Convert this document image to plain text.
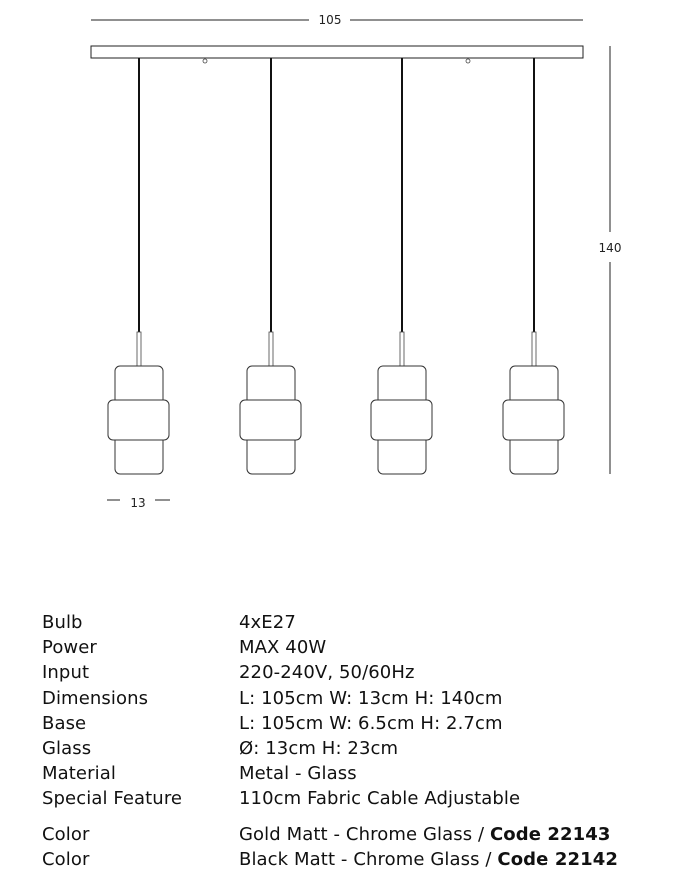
105
140
13
Bulb	4xE27
Power	MAX 40W
Input	220-240V, 50/60Hz
Dimensions	L: 105cm W: 13cm H: 140cm
Base	L: 105cm W: 6.5cm H: 2.7cm
Glass	Ø: 13cm H: 23cm
Material	Metal - Glass
Special Feature	110cm Fabric Cable Adjustable
Color	Gold Matt - Chrome Glass / Code 22143
Color	Black Matt - Chrome Glass / Code 22142
